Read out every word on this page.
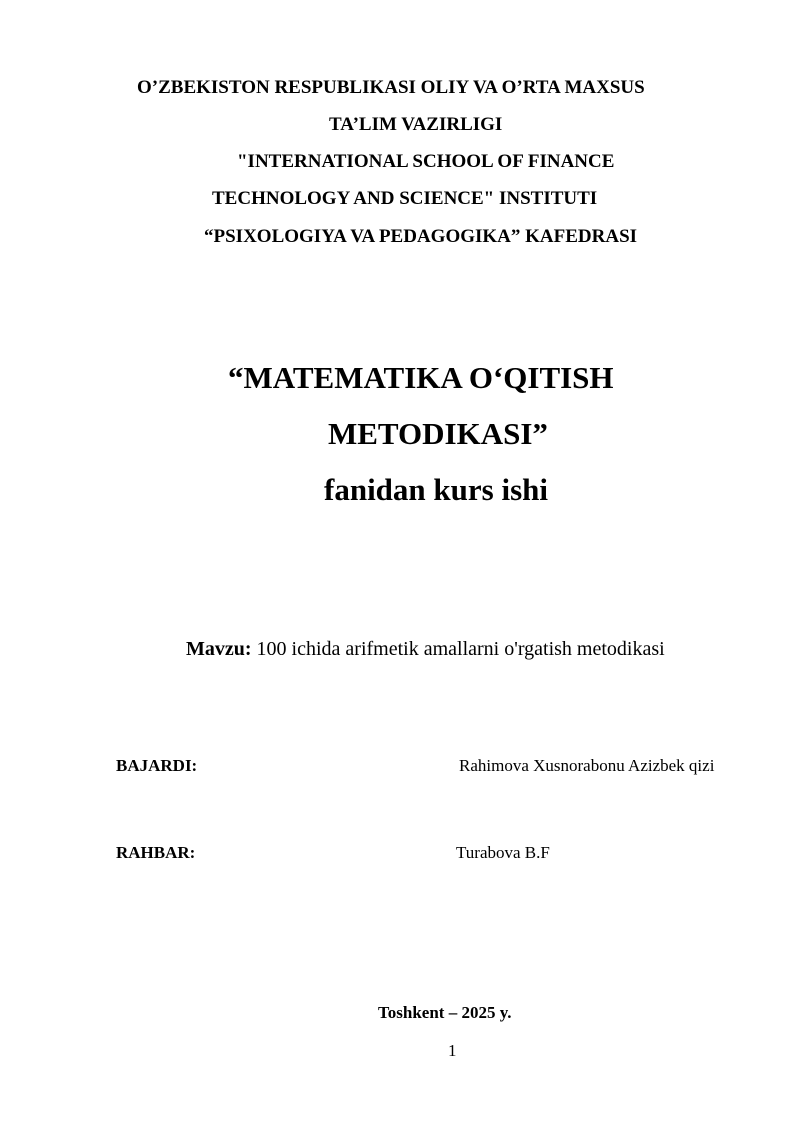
O’ZBEKISTON RESPUBLIKASI OLIY VA O’RTA MAXSUS
TA’LIM VAZIRLIGI
"INTERNATIONAL SCHOOL OF FINANCE
TECHNOLOGY AND SCIENCE" INSTITUTI
“PSIXOLOGIYA VA PEDAGOGIKA” KAFEDRASI
“MATEMATIKA O‘QITISH
METODIKASI”
fanidan kurs ishi
Mavzu: 100 ichida arifmetik amallarni o'rgatish metodikasi
BAJARDI:	Rahimova Xusnorabonu Azizbek qizi
RAHBAR:	Turabova B.F
Toshkent – 2025 y.
1
